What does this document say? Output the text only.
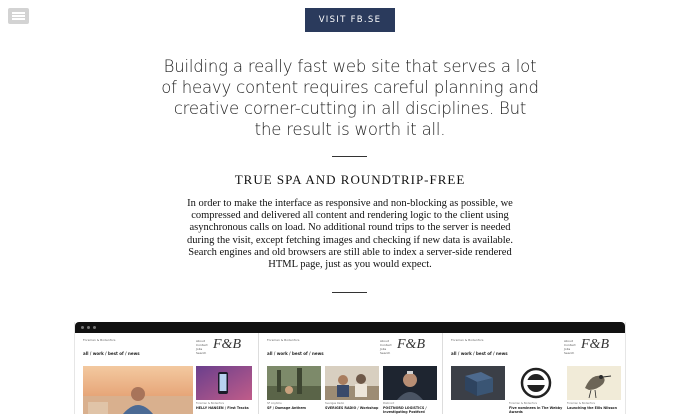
VISIT FB.SE
Building a really fast web site that serves a lot of heavy content requires careful planning and creative corner-cutting in all disciplines. But the result is worth it all.
TRUE SPA AND ROUNDTRIP-FREE
In order to make the interface as responsive and non-blocking as possible, we compressed and delivered all content and rendering logic to the client using asynchronous calls on load. No additional round trips to the server is needed during the visit, except fetching images and checking if new data is available. Search engines and old browsers are still able to index a server-side rendered HTML page, just as you would expect.
Forsman & Bodenfors
all / work / best of / news
About
Contact
Jobs
Search
F&B
Forsman & Bodenfors
HELLY HANSEN / First Tracks
Forsman & Bodenfors
all / work / best of / news
About
Contact
Jobs
Search
F&B
SF Anytime
SF / Damage Anthem
Sveriges Radio
SVERIGES RADIO / Workshop
Postnord
POSTNORD LOGISTICS / Investigating Postford
Forsman & Bodenfors
all / work / best of / news
About
Contact
Jobs
Search
F&B
Forsman & Bodenfors
Five nominees in The Webby Awards
Forsman & Bodenfors
Launching the Ellis Nilsson
